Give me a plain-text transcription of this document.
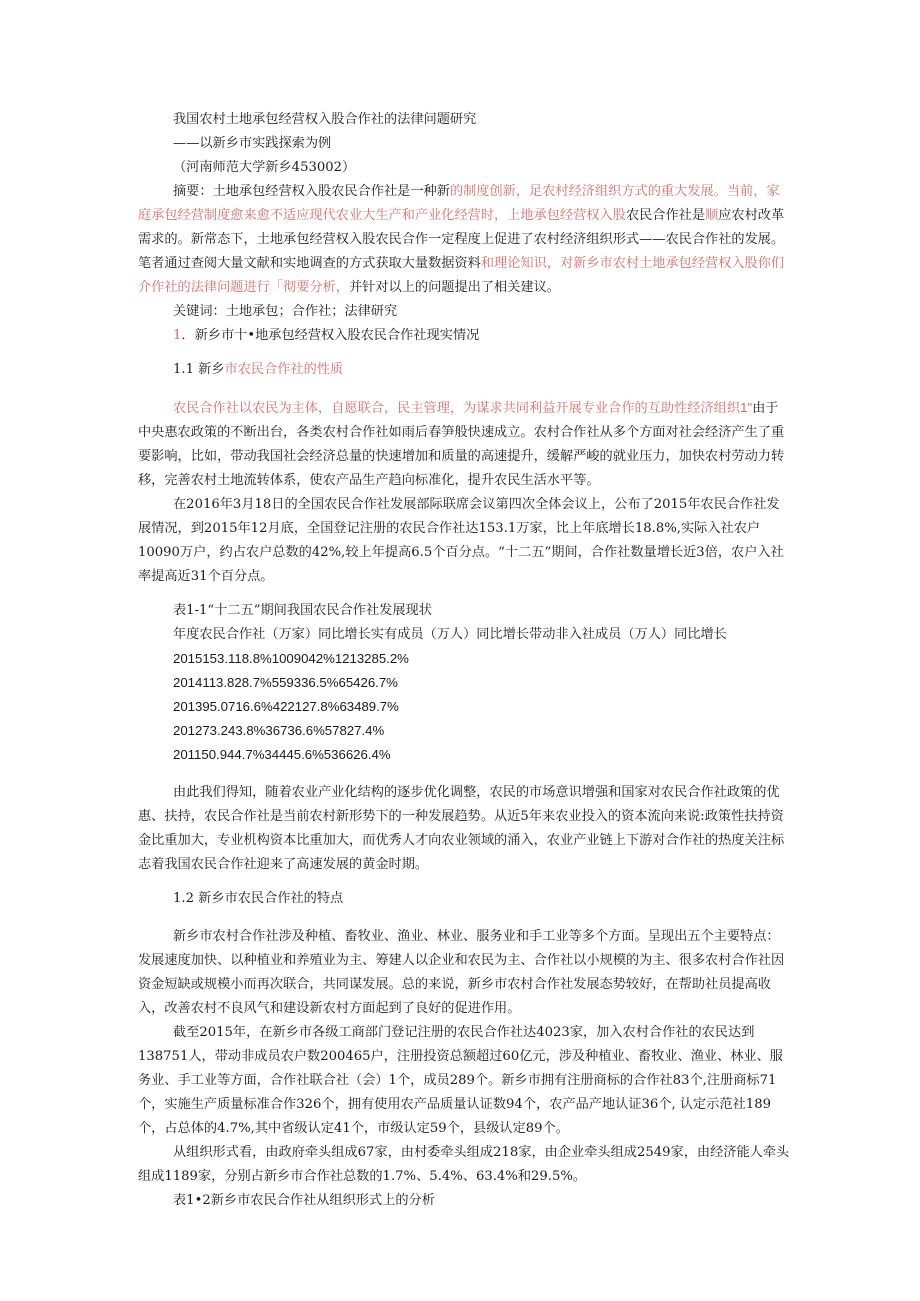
我国农村土地承包经营权入股合作社的法律问题研究

——以新乡市实践探索为例

（河南师范大学新乡453002）

摘要：土地承包经营权入股农民合作社是一种新的制度创新，足农村经济组织方式的重大发展。当前，家庭承包经营制度愈来愈不适应现代农业大生产和产业化经营时，上地承包经营权入股农民合作社是顺应农村改革需求的。新常态下，土地承包经营权入股农民合作一定程度上促进了农村经济组织形式——农民合作社的发展。笔者通过查阅大量文献和实地调查的方式获取大量数据资料和理论知识，对新乡市农村土地承包经营权入股你们介作社的法律问题进行「彻要分析，并针对以上的问题提出了相关建议。

关键词：土地承包；合作社；法律研究

1．新乡市十•地承包经营权入股农民合作社现实情况

1.1 新乡市农民合作社的性质

农民合作社以农民为主体，自愿联合，民主管理，为谋求共同利益开展专业合作的互助性经济组织1"由于中央惠农政策的不断出台，各类农村合作社如雨后春笋般快速成立。农村合作社从多个方面对社会经济产生了重要影响，比如，带动我国社会经济总量的快速增加和质量的高速提升，缓解严峻的就业压力，加快农村劳动力转移，完善农村土地流转体系，使农产品生产趋向标准化，提升农民生活水平等。

在2016年3月18日的全国农民合作社发展部际联席会议第四次全体会议上，公布了2015年农民合作社发展情况，到2015年12月底，全国登记注册的农民合作社达153.1万家，比上年底增长18.8%,实际入社农户10090万户，约占农户总数的42%,较上年提高6.5个百分点。“十二五”期间，合作社数量增长近3倍，农户入社率提高近31个百分点。

表1-1“十二五”期间我国农民合作社发展现状

年度农民合作社（万家）同比增长实有成员（万人）同比增长带动非入社成员（万人）同比增长

2015153.118.8%1009042%1213285.2%

2014113.828.7%559336.5%65426.7%

201395.0716.6%422127.8%63489.7%

201273.243.8%36736.6%57827.4%

201150.944.7%34445.6%536626.4%

由此我们得知，随着农业产业化结构的逐步优化调整，农民的市场意识增强和国家对农民合作社政策的优惠、扶持，农民合作社是当前农村新形势下的一种发展趋势。从近5年来农业投入的资本流向来说:政策性扶持资金比重加大，专业机构资本比重加大，而优秀人才向农业领域的涌入，农业产业链上下游对合作社的热度关注标志着我国农民合作社迎来了高速发展的黄金时期。

1.2 新乡市农民合作社的特点

新乡市农村合作社涉及种植、畜牧业、渔业、林业、服务业和手工业等多个方面。呈现出五个主要特点：发展速度加快、以种植业和养殖业为主、筹建人以企业和农民为主、合作社以小规模的为主、很多农村合作社因资金短缺或规模小而再次联合，共同谋发展。总的来说，新乡市农村合作社发展态势较好，在帮助社员提高收入，改善农村不良风气和建设新农村方面起到了良好的促进作用。

截至2015年，在新乡市各级工商部门登记注册的农民合作社达4023家，加入农村合作社的农民达到138751人，带动非成员农户数200465户，注册投资总额超过60亿元，涉及种植业、畜牧业、渔业、林业、服务业、手工业等方面，合作社联合社（会）1个，成员289个。新乡市拥有注册商标的合作社83个,注册商标71个，实施生产质量标准合作326个，拥有使用农产品质量认证数94个，农产品产地认证36个, 认定示范社189个，占总体的4.7%,其中省级认定41个，市级认定59个，县级认定89个。

从组织形式看，由政府牵头组成67家，由村委牵头组成218家，由企业牵头组成2549家，由经济能人牵头组成1189家，分别占新乡市合作社总数的1.7%、5.4%、63.4%和29.5%。

表1•2新乡市农民合作社从组织形式上的分析
